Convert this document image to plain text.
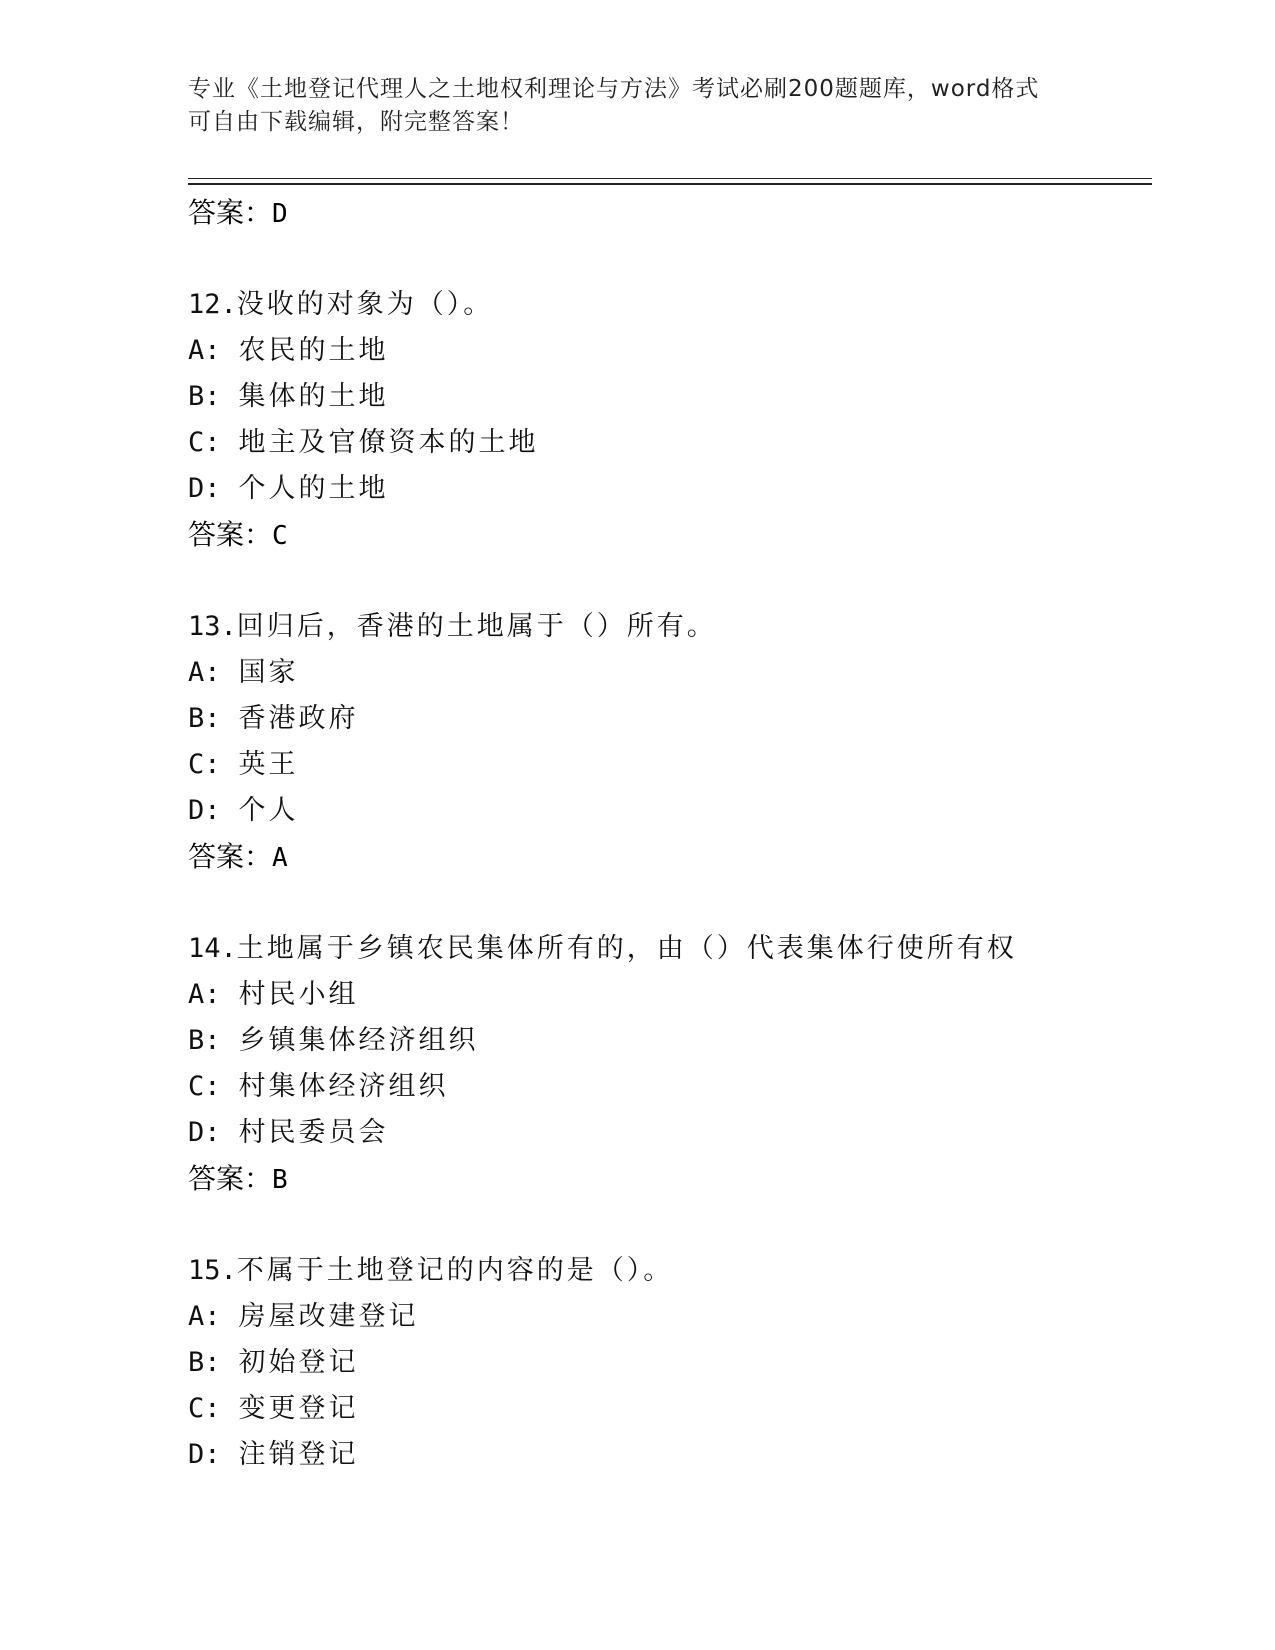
专业《土地登记代理人之土地权利理论与方法》考试必刷200题题库，word格式
可自由下载编辑，附完整答案！
答案：D
12.没收的对象为（）。
A: 农民的土地
B: 集体的土地
C: 地主及官僚资本的土地
D: 个人的土地
答案：C
13.回归后，香港的土地属于（）所有。
A: 国家
B: 香港政府
C: 英王
D: 个人
答案：A
14.土地属于乡镇农民集体所有的，由（）代表集体行使所有权
A: 村民小组
B: 乡镇集体经济组织
C: 村集体经济组织
D: 村民委员会
答案：B
15.不属于土地登记的内容的是（）。
A: 房屋改建登记
B: 初始登记
C: 变更登记
D: 注销登记
